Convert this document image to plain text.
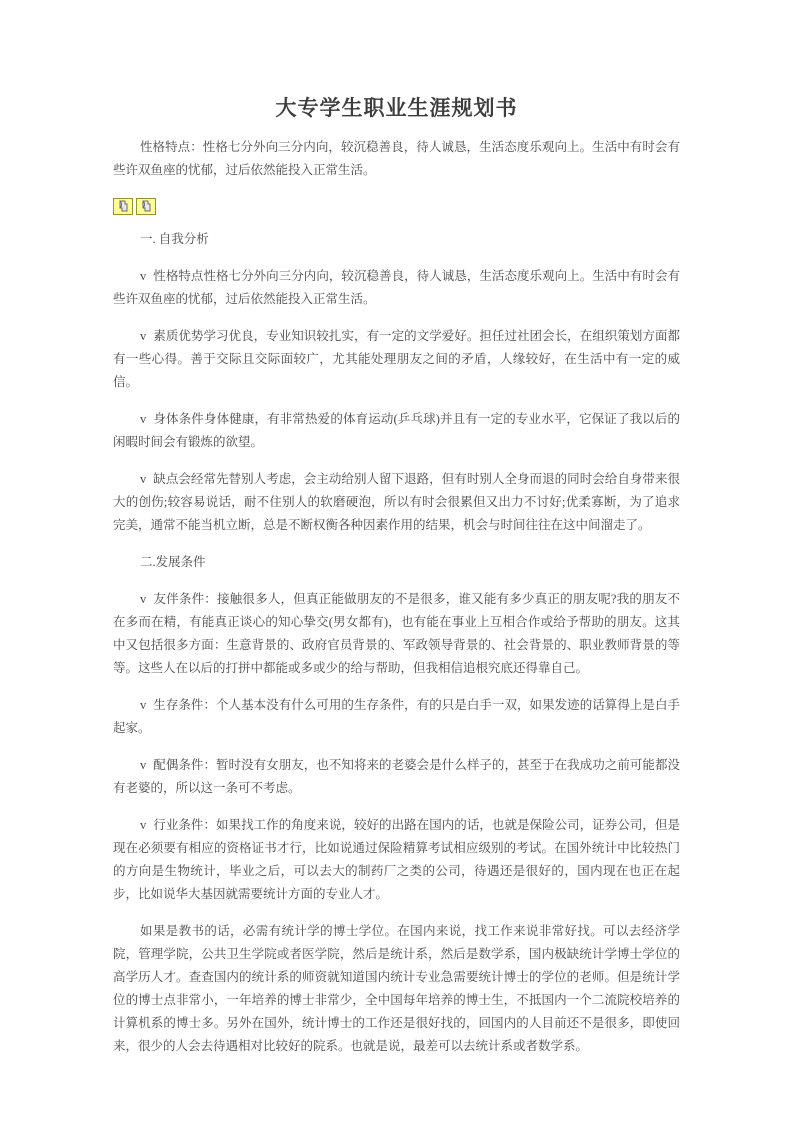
大专学生职业生涯规划书

性格特点：性格七分外向三分内向，较沉稳善良，待人诚恳，生活态度乐观向上。生活中有时会有些许双鱼座的忧郁，过后依然能投入正常生活。

一. 自我分析

v 性格特点性格七分外向三分内向，较沉稳善良，待人诚恳，生活态度乐观向上。生活中有时会有些许双鱼座的忧郁，过后依然能投入正常生活。

v 素质优势学习优良，专业知识较扎实，有一定的文学爱好。担任过社团会长，在组织策划方面都有一些心得。善于交际且交际面较广，尤其能处理朋友之间的矛盾，人缘较好，在生活中有一定的威信。

v 身体条件身体健康，有非常热爱的体育运动(乒乓球)并且有一定的专业水平，它保证了我以后的闲暇时间会有锻炼的欲望。

v 缺点会经常先替别人考虑，会主动给别人留下退路，但有时别人全身而退的同时会给自身带来很大的创伤;较容易说话，耐不住别人的软磨硬泡，所以有时会很累但又出力不讨好;优柔寡断，为了追求完美，通常不能当机立断，总是不断权衡各种因素作用的结果，机会与时间往往在这中间溜走了。

二.发展条件

v 友伴条件：接触很多人，但真正能做朋友的不是很多，谁又能有多少真正的朋友呢?我的朋友不在多而在精，有能真正谈心的知心挚交(男女都有)，也有能在事业上互相合作或给予帮助的朋友。这其中又包括很多方面：生意背景的、政府官员背景的、军政领导背景的、社会背景的、职业教师背景的等等。这些人在以后的打拼中都能或多或少的给与帮助，但我相信追根究底还得靠自己。

v 生存条件：个人基本没有什么可用的生存条件，有的只是白手一双，如果发迹的话算得上是白手起家。

v 配偶条件：暂时没有女朋友，也不知将来的老婆会是什么样子的，甚至于在我成功之前可能都没有老婆的，所以这一条可不考虑。

v 行业条件：如果找工作的角度来说，较好的出路在国内的话，也就是保险公司，证券公司，但是现在必须要有相应的资格证书才行，比如说通过保险精算考试相应级别的考试。在国外统计中比较热门的方向是生物统计，毕业之后，可以去大的制药厂之类的公司，待遇还是很好的，国内现在也正在起步，比如说华大基因就需要统计方面的专业人才。

如果是教书的话，必需有统计学的博士学位。在国内来说，找工作来说非常好找。可以去经济学院，管理学院，公共卫生学院或者医学院，然后是统计系，然后是数学系，国内极缺统计学博士学位的高学历人才。查查国内的统计系的师资就知道国内统计专业急需要统计博士的学位的老师。但是统计学位的博士点非常小，一年培养的博士非常少，全中国每年培养的博士生，不抵国内一个二流院校培养的计算机系的博士多。另外在国外，统计博士的工作还是很好找的，回国内的人目前还不是很多，即使回来，很少的人会去待遇相对比较好的院系。也就是说，最差可以去统计系或者数学系。
